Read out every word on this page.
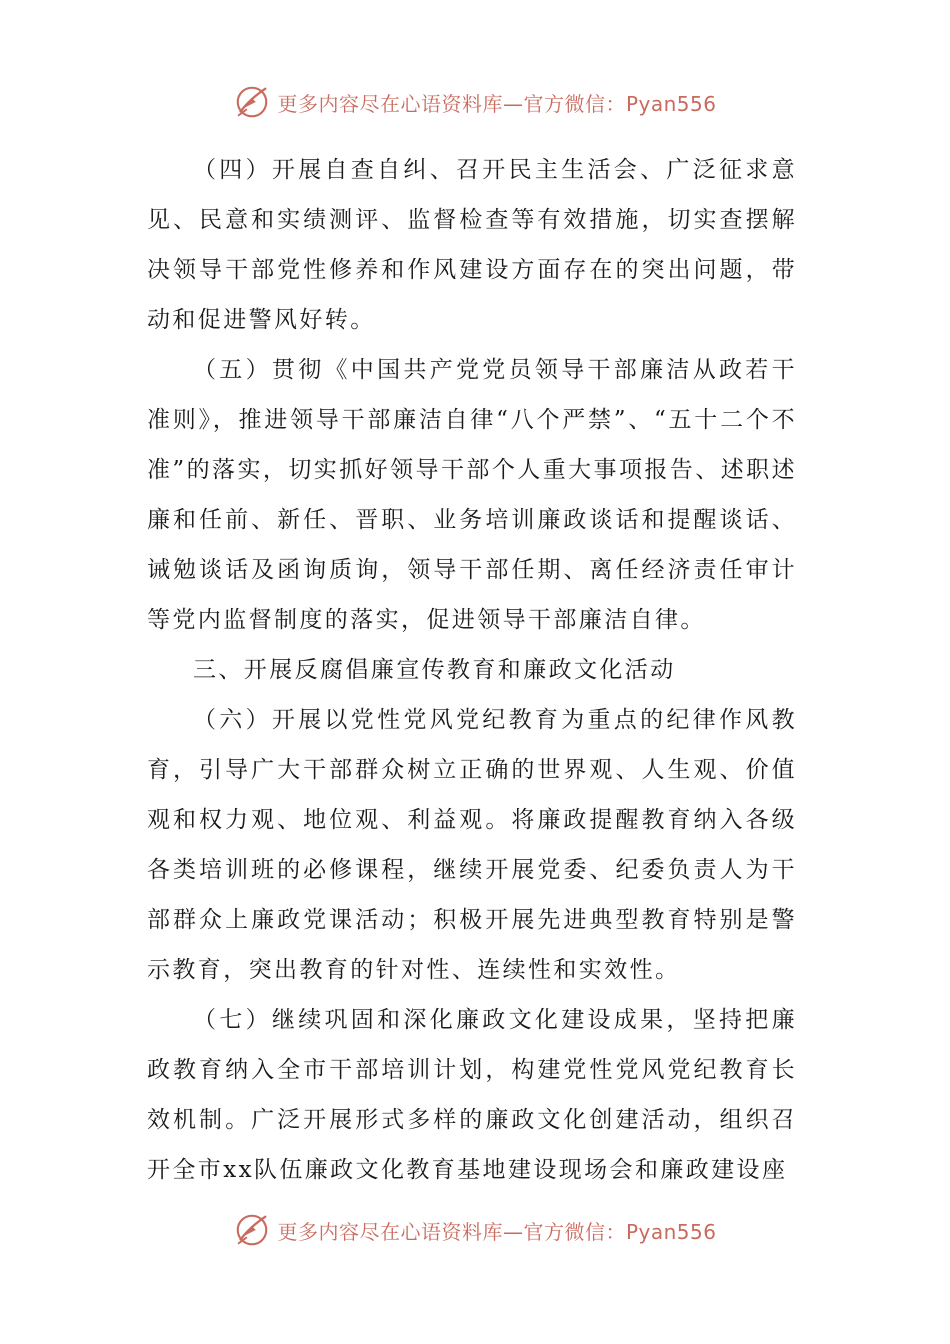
更多内容尽在心语资料库—官方微信：Pyan556

（四）开展自查自纠、召开民主生活会、广泛征求意见、民意和实绩测评、监督检查等有效措施，切实查摆解决领导干部党性修养和作风建设方面存在的突出问题，带动和促进警风好转。

（五）贯彻《中国共产党党员领导干部廉洁从政若干准则》，推进领导干部廉洁自律“八个严禁”、“五十二个不准”的落实，切实抓好领导干部个人重大事项报告、述职述廉和任前、新任、晋职、业务培训廉政谈话和提醒谈话、诫勉谈话及函询质询，领导干部任期、离任经济责任审计等党内监督制度的落实，促进领导干部廉洁自律。

三、开展反腐倡廉宣传教育和廉政文化活动

（六）开展以党性党风党纪教育为重点的纪律作风教育，引导广大干部群众树立正确的世界观、人生观、价值观和权力观、地位观、利益观。将廉政提醒教育纳入各级各类培训班的必修课程，继续开展党委、纪委负责人为干部群众上廉政党课活动；积极开展先进典型教育特别是警示教育，突出教育的针对性、连续性和实效性。

（七）继续巩固和深化廉政文化建设成果，坚持把廉政教育纳入全市干部培训计划，构建党性党风党纪教育长效机制。广泛开展形式多样的廉政文化创建活动，组织召开全市xx队伍廉政文化教育基地建设现场会和廉政建设座

更多内容尽在心语资料库—官方微信：Pyan556
